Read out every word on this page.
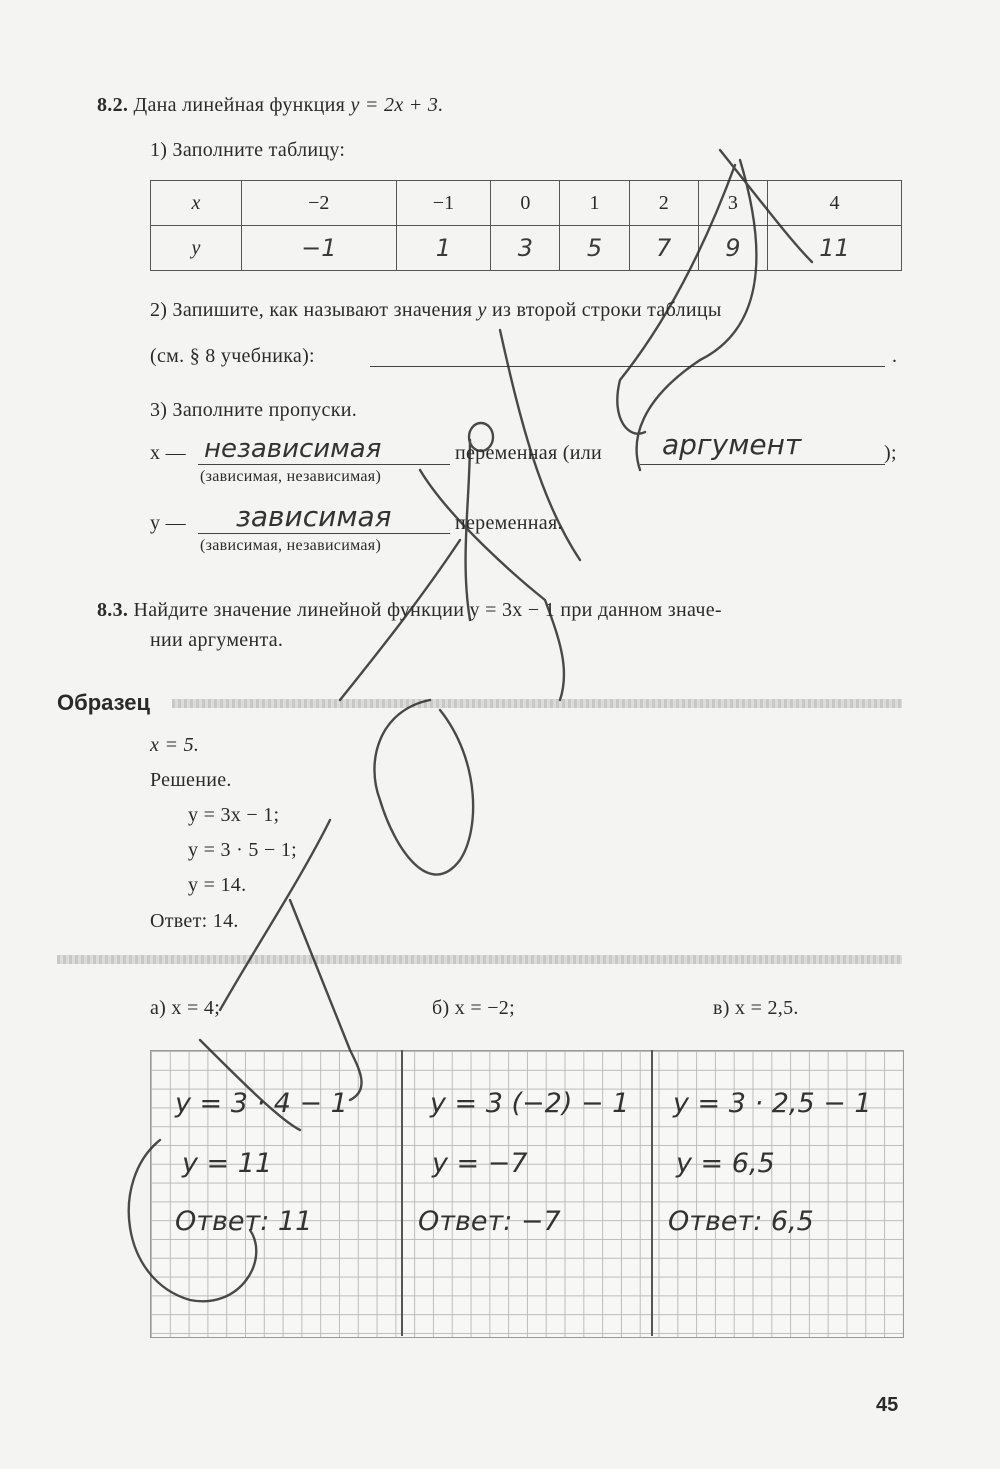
8.2. Дана линейная функция y = 2x + 3.
1) Заполните таблицу:
x	−2	−1	0	1	2	3	4
y	−1	1	3	5	7	9	11
2) Запишите, как называют значения y из второй строки таблицы
(см. § 8 учебника):	.
3) Заполните пропуски.
x — независимая	переменная (или аргумент	);
(зависимая, независимая)
y — зависимая	переменная.
(зависимая, независимая)
8.3. Найдите значение линейной функции y = 3x − 1 при данном значе-
нии аргумента.
Образец
x = 5.
Решение.
y = 3x − 1;
y = 3 · 5 − 1;
y = 14.
Ответ: 14.
а) x = 4;	б) x = −2;	в) x = 2,5.
y = 3 · 4 − 1
y = 11
Ответ: 11
y = 3 (−2) − 1
y = −7
Ответ: −7
y = 3 · 2,5 − 1
y = 6,5
Ответ: 6,5
45
